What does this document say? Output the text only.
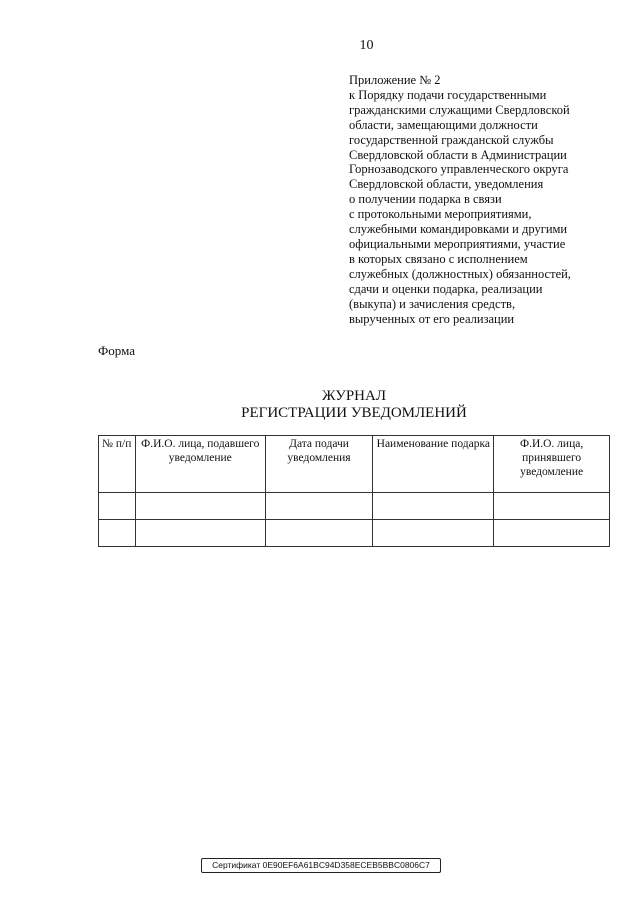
10
Приложение № 2
к Порядку подачи государственными
гражданскими служащими Свердловской
области, замещающими должности
государственной гражданской службы
Свердловской области в Администрации
Горнозаводского управленческого округа
Свердловской области, уведомления
о получении подарка в связи
с протокольными мероприятиями,
служебными командировками и другими
официальными мероприятиями, участие
в которых связано с исполнением
служебных (должностных) обязанностей,
сдачи и оценки подарка, реализации
(выкупа) и зачисления средств,
вырученных от его реализации
Форма
ЖУРНАЛ
РЕГИСТРАЦИИ УВЕДОМЛЕНИЙ
№ п/п	Ф.И.О. лица, подавшего уведомление	Дата подачи уведомления	Наименование подарка	Ф.И.О. лица, принявшего уведомление

Сертификат 0E90EF6A61BC94D358ECEB5BBC0806C7
